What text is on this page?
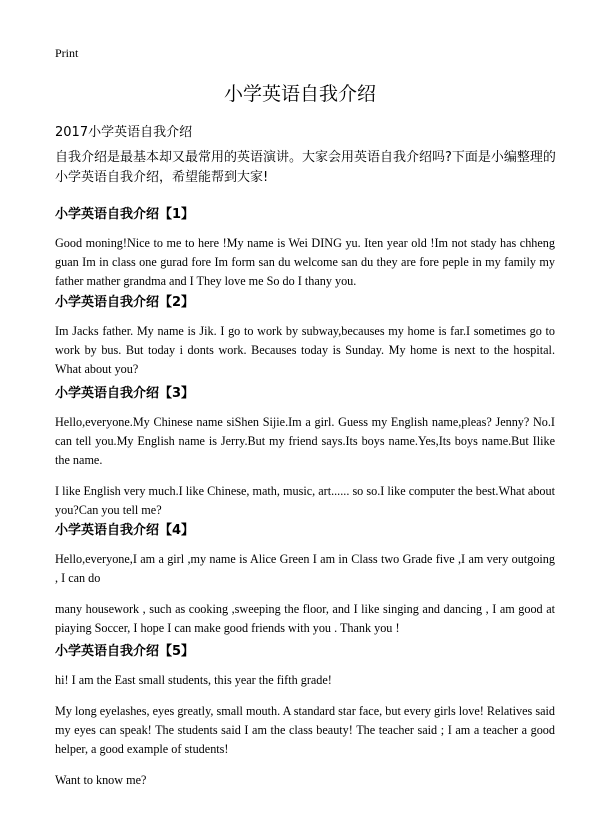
Print
小学英语自我介绍
2017小学英语自我介绍
自我介绍是最基本却又最常用的英语演讲。大家会用英语自我介绍吗?下面是小编整理的小学英语自我介绍，希望能帮到大家!
小学英语自我介绍【1】
Good moning!Nice to me to here !My name is Wei DING yu. Iten year old !Im not stady has chheng guan Im in class one gurad fore Im form san du welcome san du they are fore peple in my family my father mather grandma and I They love me So do I thany you.
小学英语自我介绍【2】
Im Jacks father. My name is Jik. I go to work by subway,becauses my home is far.I sometimes go to work by bus. But today i donts work. Becauses today is Sunday. My home is next to the hospital. What about you?
小学英语自我介绍【3】
Hello,everyone.My Chinese name siShen Sijie.Im a girl. Guess my English name,pleas? Jenny? No.I can tell you.My English name is Jerry.But my friend says.Its boys name.Yes,Its boys name.But Ilike the name.
I like English very much.I like Chinese, math, music, art...... so so.I like computer the best.What about you?Can you tell me?
小学英语自我介绍【4】
Hello,everyone,I am a girl ,my name is Alice Green I am in Class two Grade five ,I am very outgoing , I can do
many housework , such as cooking ,sweeping the floor, and I like singing and dancing , I am good at piaying Soccer, I hope I can make good friends with you . Thank you !
小学英语自我介绍【5】
hi! I am the East small students, this year the fifth grade!
My long eyelashes, eyes greatly, small mouth. A standard star face, but every girls love! Relatives said my eyes can speak! The students said I am the class beauty! The teacher said ; I am a teacher a good helper, a good example of students!
Want to know me?
